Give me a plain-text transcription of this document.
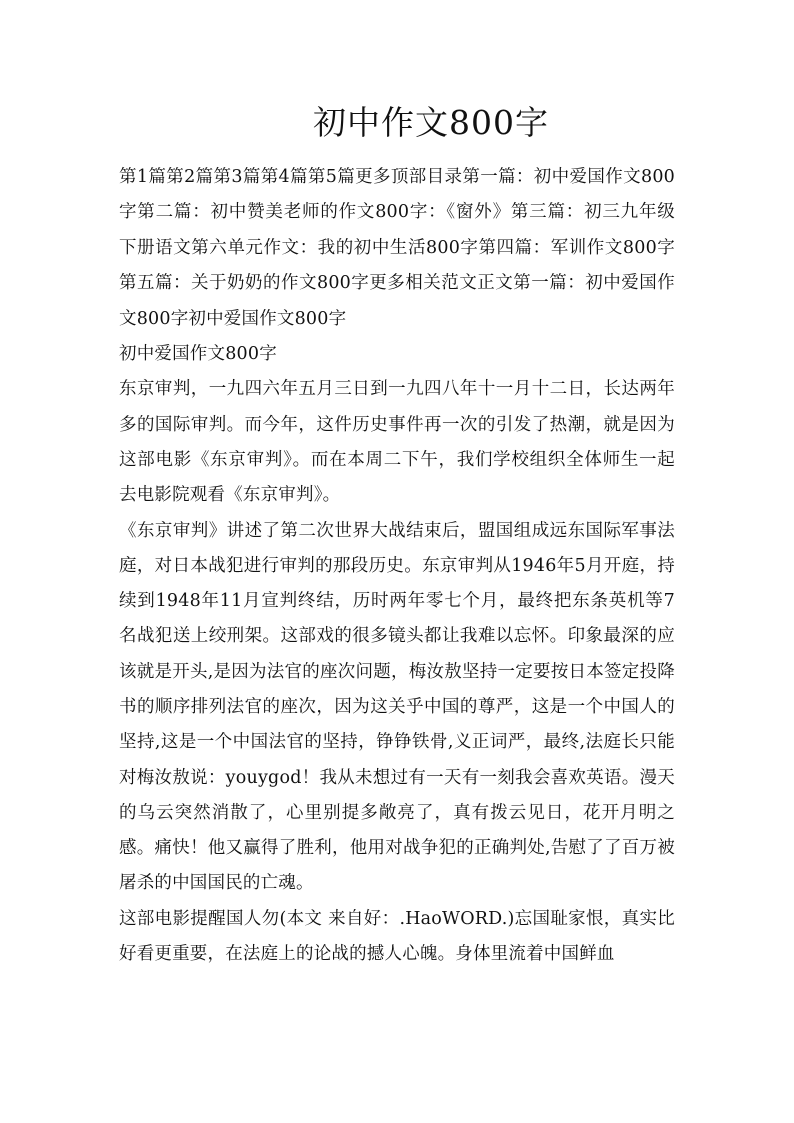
初中作文800字

第1篇第2篇第3篇第4篇第5篇更多顶部目录第一篇：初中爱国作文800字第二篇：初中赞美老师的作文800字：《窗外》第三篇：初三九年级下册语文第六单元作文：我的初中生活800字第四篇：军训作文800字第五篇：关于奶奶的作文800字更多相关范文正文第一篇：初中爱国作文800字初中爱国作文800字

初中爱国作文800字

东京审判，一九四六年五月三日到一九四八年十一月十二日，长达两年多的国际审判。而今年，这件历史事件再一次的引发了热潮，就是因为这部电影《东京审判》。而在本周二下午，我们学校组织全体师生一起去电影院观看《东京审判》。

《东京审判》讲述了第二次世界大战结束后，盟国组成远东国际军事法庭，对日本战犯进行审判的那段历史。东京审判从1946年5月开庭，持续到1948年11月宣判终结，历时两年零七个月，最终把东条英机等7名战犯送上绞刑架。这部戏的很多镜头都让我难以忘怀。印象最深的应该就是开头,是因为法官的座次问题，梅汝敖坚持一定要按日本签定投降书的顺序排列法官的座次，因为这关乎中国的尊严，这是一个中国人的坚持,这是一个中国法官的坚持，铮铮铁骨,义正词严，最终,法庭长只能对梅汝敖说：youygod！我从未想过有一天有一刻我会喜欢英语。漫天的乌云突然消散了，心里别提多敞亮了，真有拨云见日，花开月明之感。痛快！他又赢得了胜利，他用对战争犯的正确判处,告慰了了百万被屠杀的中国国民的亡魂。

这部电影提醒国人勿(本文 来自好：.HaoWORD.)忘国耻家恨，真实比好看更重要，在法庭上的论战的撼人心魄。身体里流着中国鲜血
